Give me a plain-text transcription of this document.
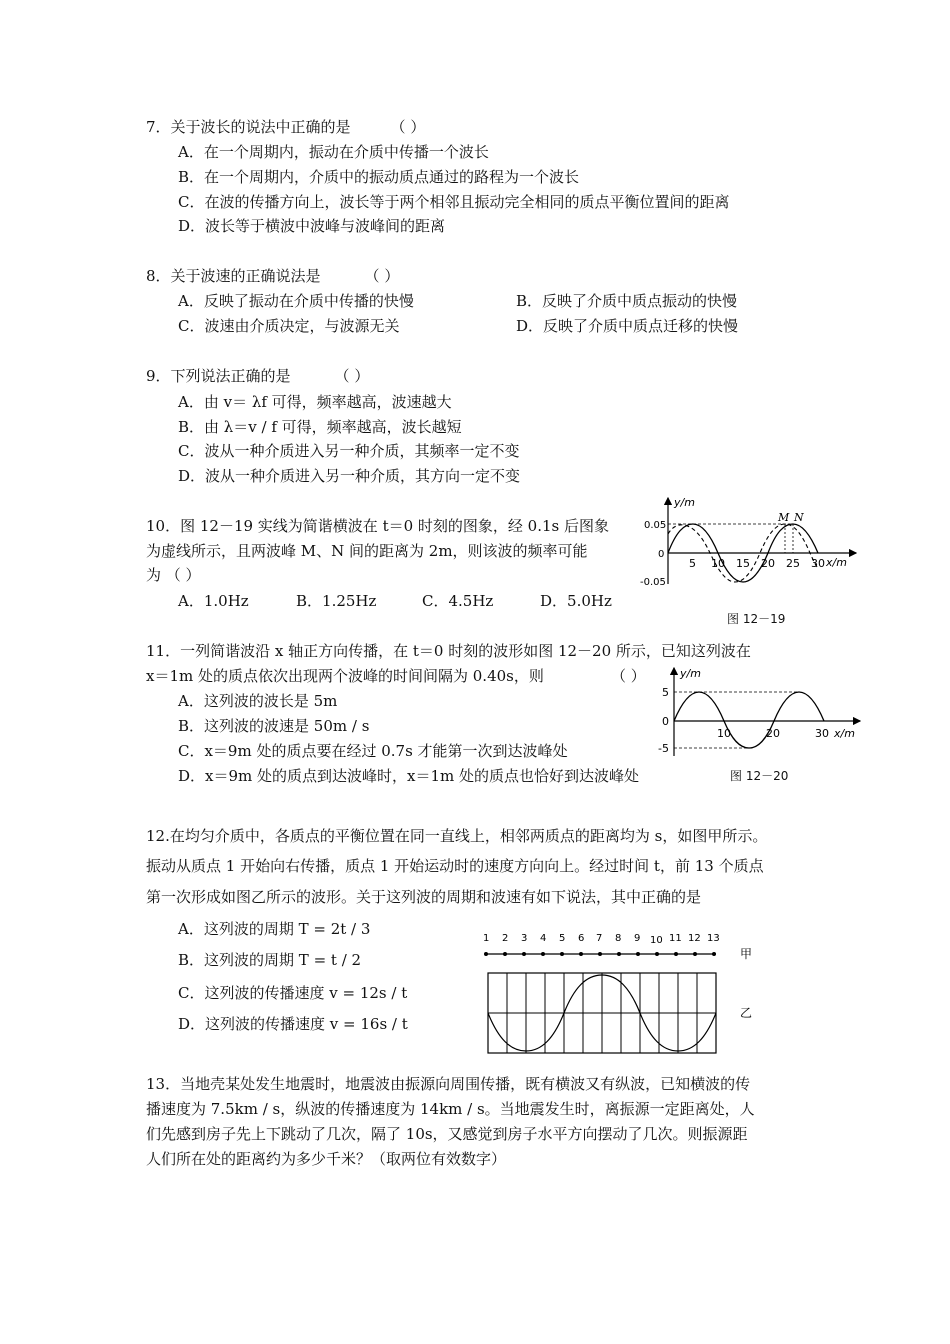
7．关于波长的说法中正确的是	（ ）
A．在一个周期内，振动在介质中传播一个波长
B．在一个周期内，介质中的振动质点通过的路程为一个波长
C．在波的传播方向上，波长等于两个相邻且振动完全相同的质点平衡位置间的距离
D．波长等于横波中波峰与波峰间的距离
8．关于波速的正确说法是	（ ）
A．反映了振动在介质中传播的快慢	B．反映了介质中质点振动的快慢
C．波速由介质决定，与波源无关	D．反映了介质中质点迁移的快慢
9．下列说法正确的是	（ ）
A．由 v＝ λf 可得，频率越高，波速越大
B．由 λ＝v / f 可得，频率越高，波长越短
C．波从一种介质进入另一种介质，其频率一定不变
D．波从一种介质进入另一种介质，其方向一定不变
10．图 12－19 实线为简谐横波在 t＝0 时刻的图象，经 0.1s 后图象
为虚线所示，且两波峰 M、N 间的距离为 2m，则该波的频率可能
为 （ ）
A．1.0Hz	B．1.25Hz	C．4.5Hz	D．5.0Hz
y/m
x/m
0.05
0
-0.05
5 10 15 20 25 30
M N
图 12－19
11．一列简谐波沿 x 轴正方向传播，在 t＝0 时刻的波形如图 12－20 所示，已知这列波在
x＝1m 处的质点依次出现两个波峰的时间间隔为 0.40s，则	（ ）
A．这列波的波长是 5m
B．这列波的波速是 50m / s
C．x＝9m 处的质点要在经过 0.7s 才能第一次到达波峰处
D．x＝9m 处的质点到达波峰时，x＝1m 处的质点也恰好到达波峰处
y/m
x/m
5
0
-5
10	20	30
图 12－20
12.在均匀介质中，各质点的平衡位置在同一直线上，相邻两质点的距离均为 s，如图甲所示。
振动从质点 1 开始向右传播，质点 1 开始运动时的速度方向向上。经过时间 t，前 13 个质点
第一次形成如图乙所示的波形。关于这列波的周期和波速有如下说法，其中正确的是
A．这列波的周期 T = 2t / 3
B．这列波的周期 T = t / 2
C．这列波的传播速度 v = 12s / t
D．这列波的传播速度 v = 16s / t
1 2 3 4 5 6 7 8 9 10 11 12 13
甲
乙
13．当地壳某处发生地震时，地震波由振源向周围传播，既有横波又有纵波，已知横波的传
播速度为 7.5km / s，纵波的传播速度为 14km / s。当地震发生时，离振源一定距离处，人
们先感到房子先上下跳动了几次，隔了 10s，又感觉到房子水平方向摆动了几次。则振源距
人们所在处的距离约为多少千米？（取两位有效数字）
